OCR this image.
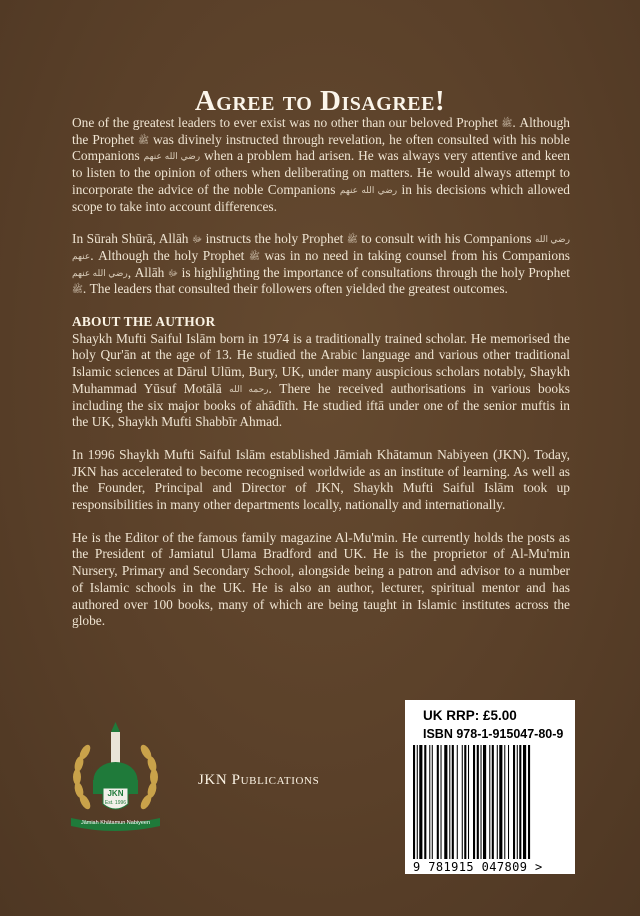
Agree to Disagree!

One of the greatest leaders to ever exist was no other than our beloved Prophet ﷺ. Although the Prophet ﷺ was divinely instructed through revelation, he often consulted with his noble Companions رضي الله عنهم when a problem had arisen. He was always very attentive and keen to listen to the opinion of others when deliberating on matters. He would always attempt to incorporate the advice of the noble Companions رضي الله عنهم in his decisions which allowed scope to take into account differences.

In Sūrah Shūrā, Allāh ﷻ instructs the holy Prophet ﷺ to consult with his Companions رضي الله عنهم. Although the holy Prophet ﷺ was in no need in taking counsel from his Companions رضي الله عنهم, Allāh ﷻ is highlighting the importance of consultations through the holy Prophet ﷺ. The leaders that consulted their followers often yielded the greatest outcomes.

ABOUT THE AUTHOR

Shaykh Mufti Saiful Islām born in 1974 is a traditionally trained scholar. He memorised the holy Qur'ān at the age of 13. He studied the Arabic language and various other traditional Islamic sciences at Dārul Ulūm, Bury, UK, under many auspicious scholars notably, Shaykh Muhammad Yūsuf Motālā رحمه الله. There he received authorisations in various books including the six major books of ahādīth. He studied iftā under one of the senior muftis in the UK, Shaykh Mufti Shabbīr Ahmad.

In 1996 Shaykh Mufti Saiful Islām established Jāmiah Khātamun Nabiyeen (JKN). Today, JKN has accelerated to become recognised worldwide as an institute of learning. As well as the Founder, Principal and Director of JKN, Shaykh Mufti Saiful Islām took up responsibilities in many other departments locally, nationally and internationally.

He is the Editor of the famous family magazine Al-Mu'min. He currently holds the posts as the President of Jamiatul Ulama Bradford and UK. He is the proprietor of Al-Mu'min Nursery, Primary and Secondary School, alongside being a patron and advisor to a number of Islamic schools in the UK. He is also an author, lecturer, spiritual mentor and has authored over 100 books, many of which are being taught in Islamic institutes across the globe.

JKN
Est. 1996
Jāmiah Khātamun Nabiyeen
JKN Publications
UK RRP: £5.00
ISBN 978-1-915047-80-9
9 781915 047809 >
